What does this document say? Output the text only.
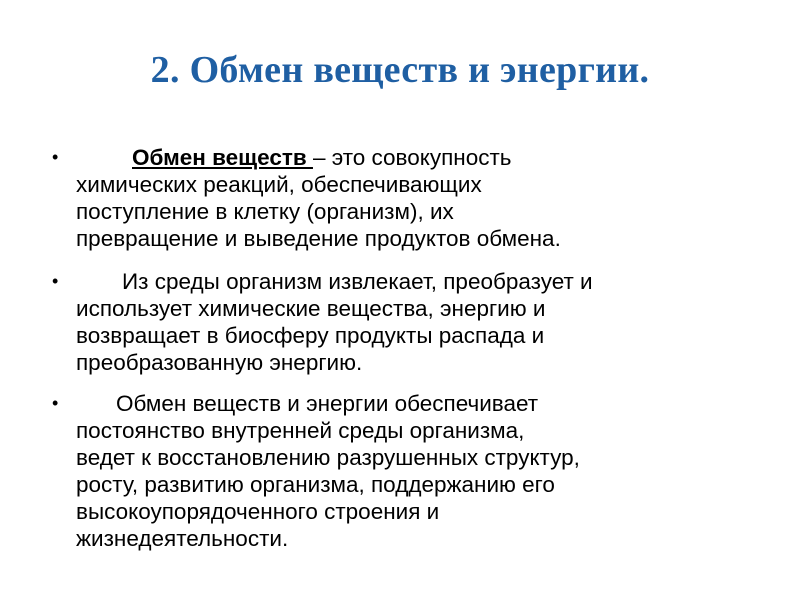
2. Обмен веществ и энергии.
•	Обмен веществ – это совокупность
химических реакций, обеспечивающих
поступление в клетку (организм), их
превращение и выведение продуктов обмена.
•	Из среды организм извлекает, преобразует и
использует химические вещества, энергию и
возвращает в биосферу продукты распада и
преобразованную энергию.
•	Обмен веществ и энергии обеспечивает
постоянство внутренней среды организма,
ведет к восстановлению разрушенных структур,
росту, развитию организма, поддержанию его
высокоупорядоченного строения и
жизнедеятельности.
